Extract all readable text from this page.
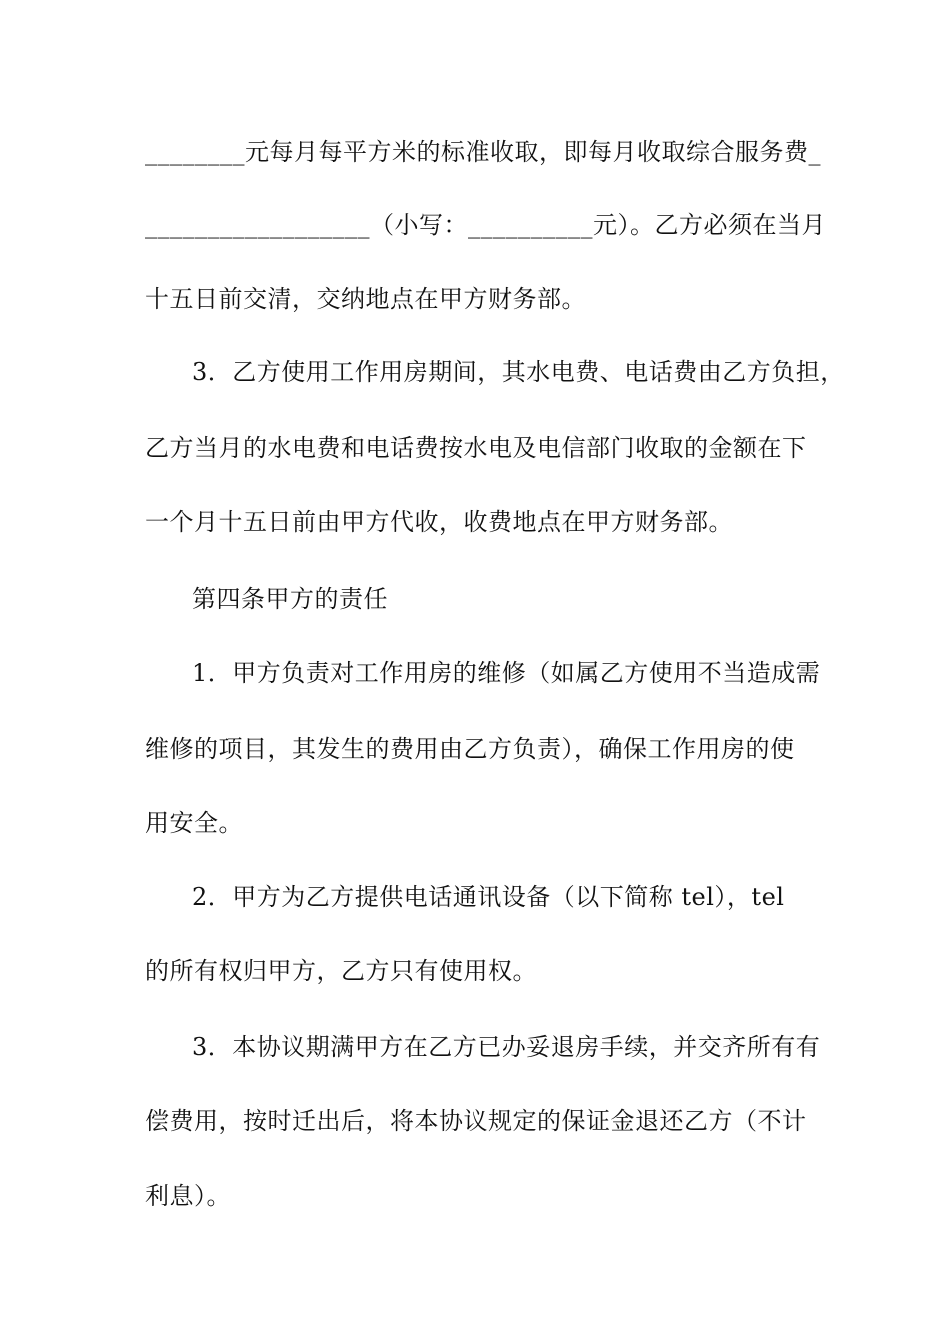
________元每月每平方米的标准收取，即每月收取综合服务费_
__________________（小写：__________元）。乙方必须在当月
十五日前交清，交纳地点在甲方财务部。
3．乙方使用工作用房期间，其水电费、电话费由乙方负担，
乙方当月的水电费和电话费按水电及电信部门收取的金额在下
一个月十五日前由甲方代收，收费地点在甲方财务部。
第四条甲方的责任
1．甲方负责对工作用房的维修（如属乙方使用不当造成需
维修的项目，其发生的费用由乙方负责），确保工作用房的使
用安全。
2．甲方为乙方提供电话通讯设备（以下简称 tel），tel
的所有权归甲方，乙方只有使用权。
3．本协议期满甲方在乙方已办妥退房手续，并交齐所有有
偿费用，按时迁出后，将本协议规定的保证金退还乙方（不计
利息）。
